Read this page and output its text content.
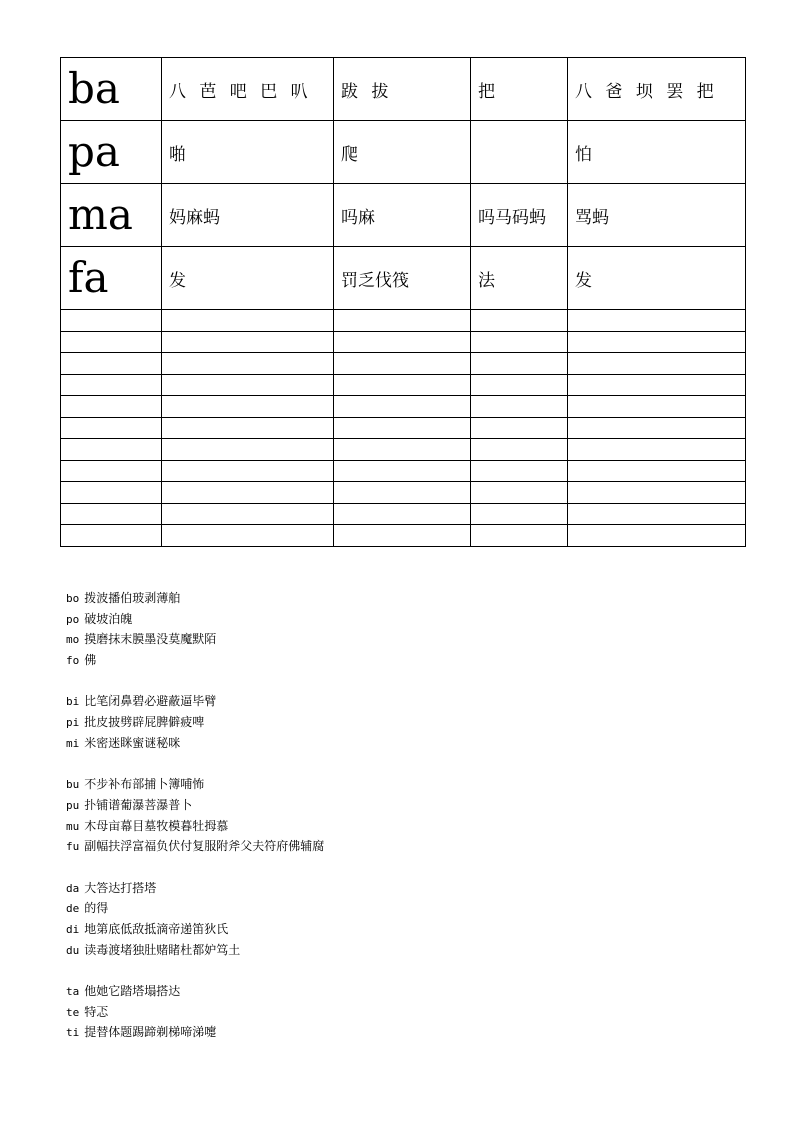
ba	八 芭 吧 巴 叭	跋 拔	把	八 爸 坝 罢 把
pa	啪	爬		怕
ma	妈麻蚂	吗麻	吗马码蚂	骂蚂
fa	发	罚乏伐筏	法	发

bo 拨波播伯玻剥薄舶
po 破坡泊魄
mo 摸磨抹末膜墨没莫魔默陌
fo 佛
bi 比笔闭鼻碧必避蔽逼毕臂
pi 批皮披劈辟屁脾僻疲啤
mi 米密迷眯蜜谜秘咪
bu 不步补布部捕卜簿哺怖
pu 扑铺谱葡瀑菩瀑普卜
mu 木母亩幕目墓牧模暮牡拇慕
fu 副幅扶浮富福负伏付复服附斧父夫符府佛辅腐
da 大答达打搭塔
de 的得
di 地第底低敌抵滴帝递笛狄氏
du 读毒渡堵独肚赌睹杜都妒笃土
ta 他她它踏塔塌搭达
te 特忑
ti 提替体题踢蹄剃梯啼涕嚏
